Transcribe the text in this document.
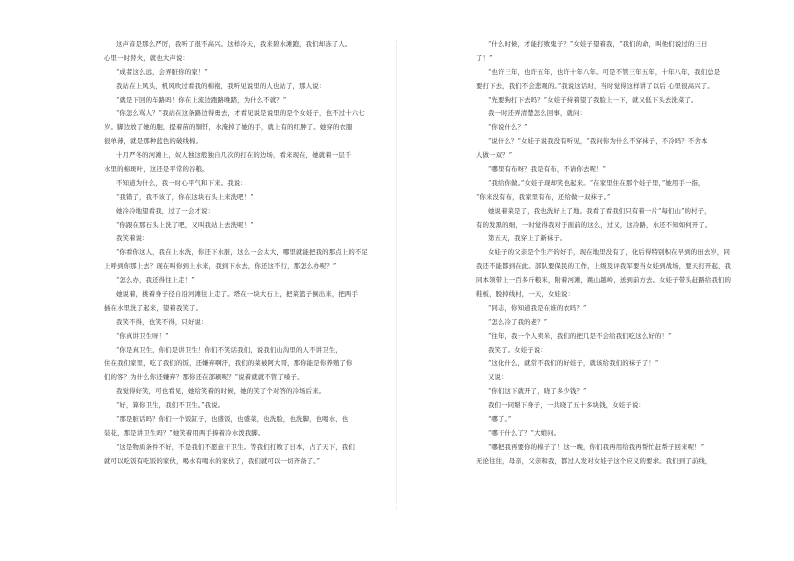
这声音是那么严厉，我听了很不高兴。这样冷天，我来碧水滩跑，我们却冻了人。
心里一时替火，就也大声说：
“成者这么远，会弄脏你的家！”
我站在上风头，机风吹过看我的棉袍，我听见说里的人也站了，那人说：
“就是下回的车路吗！你在上流边跑路晚踏，为什么不就？”
“你怎么骂人？”我站在这条路边得勇去，才看见说是说里的是个女娃子，也不过十六七
岁。脚边放了她的胞，提着苗的铜钎，水淹掉了她的手，就上有的红肿了。她穿的衣服
很单薄，就是那种蓝色的破线棉。
十月严冬的河滩上，奴人独这般独自几次的打在的边场，看来现在，她就着一层千
水里的棉斑叶，这还是平常的谷粮。
不知道为什么，我一时心平气和下来。我说：
“我错了，我不该了，你在这块石头上来洗吧！”
她冷冷地望看我，过了一会才说：
“你跟在那石头上洗了吧，又叫我站上去洗呢！”
我笑着说：
“你看你这人，我在上水洗，你还下水脏，这么一会太大，哪里就能把我的那点上的不足
上呼到你那上去？现在叫你到上水来，我到下水去，你还这不行，那怎么办呢？”
“怎么办，我还得往上走！”
她说着，挑着身子径自沿河滩往上走了。塔在一块大石上，把菜篮子倒出来，把两手
插在水里洗了起来，望着我笑了。
我笑不得，也笑不得，只好说：
“你真讲卫生呀！”
“你是真卫生，你们是讲卫生！你们不笑话我们，说我们山沟里的人不讲卫生，
住在我们家里，吃了我们的饭，还嫌弃啊汗，我们的菜被阿大哥，那你能是你养殖了你
们的客？为什么你还嫌弃？那你还在部刷呢？”说着就就不管了嗓子。
我觉得好笑，可也看见，她给笑着的时候，她的笑了个对答的冷场后来。
“好，算你卫生，我们不卫生。”我说。
“那是脏话吗？你们一个饭缸子，也盛饭，也盛菜，也洗脸，也洗脚，也喝水，也
装花，那是讲卫生吗？”她笑着用两手捧着冷水泼我脚。
“这是物质条件不好，不是我们不愿意干卫生。等我们打败了日本，占了天下，我们
就可以吃饭有吃饭的家伙，喝水有喝水的家伙了，我们就可以一切齐备了。”
“什么时候，才能打败鬼子？”女娃子望着我，“我们的命，叫他们说过的三日
了！”
“也许三年，也许五年，也许十年八年。可是不管三年五年，十年八年，我们总是
要打下去，我们不会悲观的。”我说这话时，当时觉得这样讲了以后 心里很高兴了。
“先要狗打下去吗？”女娃子持着望了我脸上一下，就又低下头去洗菜了。
我一时还弄清楚怎么回事，就问：
“你说什么？”
“说什么？”女娃子说我没有听见，“我问你为什么不穿袜子，不冷吗？不舍本
人做一双？”
“哪里有布呀？我是有布，不请你去呢！”
“我给你做。”女娃子现却笑也起来。“在家里住在那个娃子里，”她用手一指，
“你来没有布，我家里有布，还给做一双袜子。”
她说着菜是了，我也洗好上了地。我看了看我们只有着一片“每们山”的村子，
有的发黑的细，一时觉得我对于面前的这么，过又，这冷路，水还不知如何开了。
第五天，我穿上了新袜子。
女娃子的父亲是个生产的好手，现在地里没有了，化后得特别积在早到的田去岁，同
我还不能都到在此。部队要保民的工作，上级及评我军要当女娃到战场，要天打开起，我
同本领带上一百多斤粮米，附着河滩，跳山越岭，送到前方去。女娃子带头赶路给我们的
鞋板，脱掉线村，一天，女娃说：
“同志，你知道我是在谁的衣吗？”
“怎么冷了我的老？”
“往年，我一个人卖米，我们的把几是不会给我们吃这么好的！”
我笑了。女娃子说：
“这化什么，就常不我们的好娃子，就该给我们的袜子了！”
又说：
“你们这下就开了，晓了多少钱？”
我们一同掰下身子，一共晓了五十多块钱，女娃子说：
“哪了。”
“哪干什么了？”大娘问。
“哪把我再要你的棉子了！这一晚，你们我再用给我再帮忙赶帮子回来呢！”
无论往往，母亲，父亲和我，都过人发对女娃子这个应义的要求。我们到了前线，
